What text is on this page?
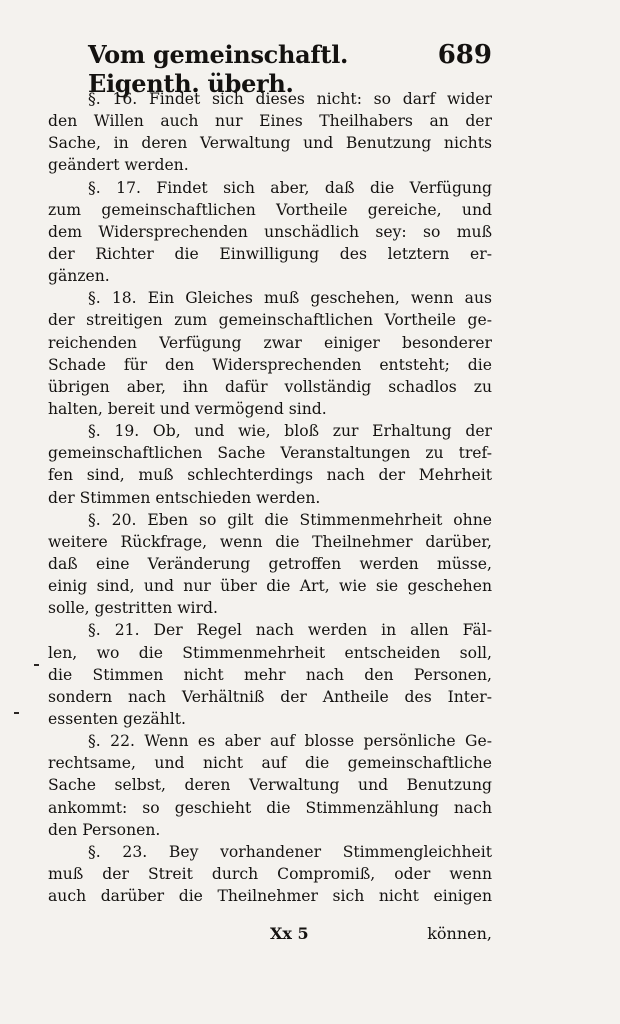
Vom gemeinschaftl. Eigenth. überh.
689
§. 16. Findet sich dieses nicht: so darf wider
den Willen auch nur Eines Theilhabers an der
Sache, in deren Verwaltung und Benutzung nichts
geändert werden.
§. 17. Findet sich aber, daß die Verfügung
zum gemeinschaftlichen Vortheile gereiche, und
dem Widersprechenden unschädlich sey: so muß
der Richter die Einwilligung des letztern er-
gänzen.
§. 18. Ein Gleiches muß geschehen, wenn aus
der streitigen zum gemeinschaftlichen Vortheile ge-
reichenden Verfügung zwar einiger besonderer
Schade für den Widersprechenden entsteht; die
übrigen aber, ihn dafür vollständig schadlos zu
halten, bereit und vermögend sind.
§. 19. Ob, und wie, bloß zur Erhaltung der
gemeinschaftlichen Sache Veranstaltungen zu tref-
fen sind, muß schlechterdings nach der Mehrheit
der Stimmen entschieden werden.
§. 20. Eben so gilt die Stimmenmehrheit ohne
weitere Rückfrage, wenn die Theilnehmer darüber,
daß eine Veränderung getroffen werden müsse,
einig sind, und nur über die Art, wie sie geschehen
solle, gestritten wird.
§. 21. Der Regel nach werden in allen Fäl-
len, wo die Stimmenmehrheit entscheiden soll,
die Stimmen nicht mehr nach den Personen,
sondern nach Verhältniß der Antheile des Inter-
essenten gezählt.
§. 22. Wenn es aber auf blosse persönliche Ge-
rechtsame, und nicht auf die gemeinschaftliche
Sache selbst, deren Verwaltung und Benutzung
ankommt: so geschieht die Stimmenzählung nach
den Personen.
§. 23. Bey vorhandener Stimmengleichheit
muß der Streit durch Compromiß, oder wenn
auch darüber die Theilnehmer sich nicht einigen
Xx 5	können,
